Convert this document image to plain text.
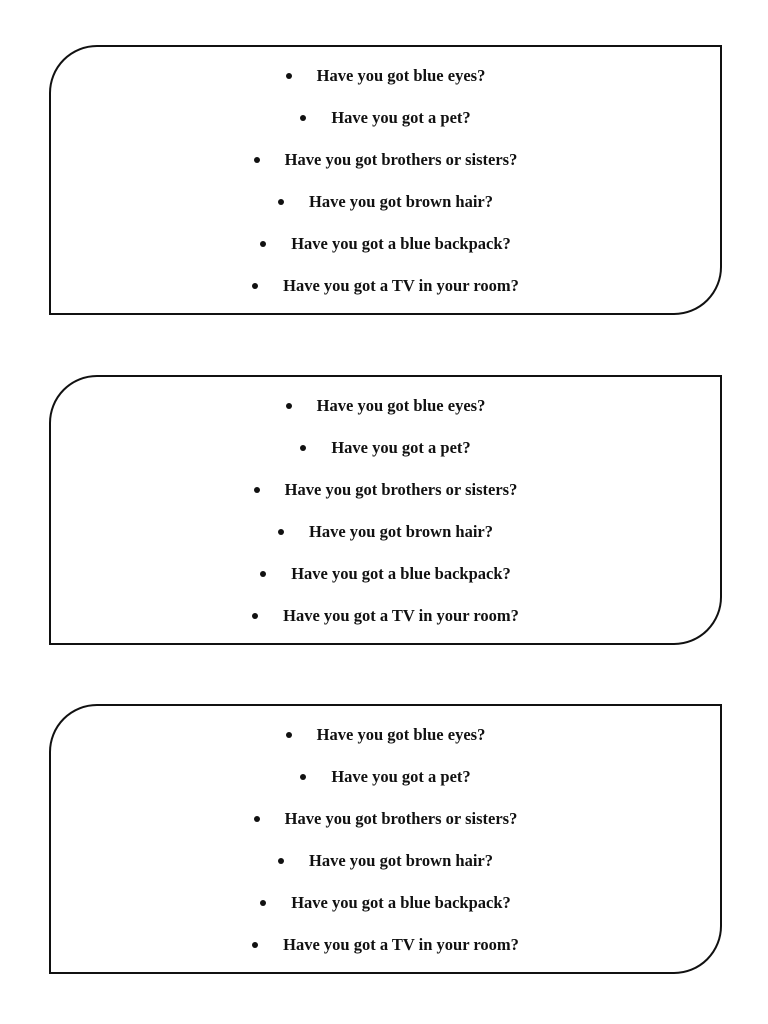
Have you got blue eyes?
Have you got a pet?
Have you got brothers or sisters?
Have you got brown hair?
Have you got a blue backpack?
Have you got a TV in your room?
Have you got blue eyes?
Have you got a pet?
Have you got brothers or sisters?
Have you got brown hair?
Have you got a blue backpack?
Have you got a TV in your room?
Have you got blue eyes?
Have you got a pet?
Have you got brothers or sisters?
Have you got brown hair?
Have you got a blue backpack?
Have you got a TV in your room?
